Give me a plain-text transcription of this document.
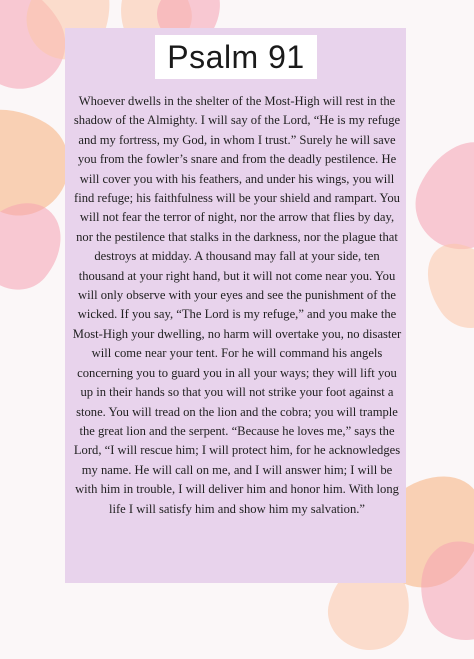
Psalm 91

Whoever dwells in the shelter of the Most-High will rest in the shadow of the Almighty. I will say of the Lord, “He is my refuge and my fortress, my God, in whom I trust.” Surely he will save you from the fowler’s snare and from the deadly pestilence. He will cover you with his feathers, and under his wings, you will find refuge; his faithfulness will be your shield and rampart. You will not fear the terror of night, nor the arrow that flies by day, nor the pestilence that stalks in the darkness, nor the plague that destroys at midday. A thousand may fall at your side, ten thousand at your right hand, but it will not come near you. You will only observe with your eyes and see the punishment of the wicked. If you say, “The Lord is my refuge,” and you make the Most-High your dwelling, no harm will overtake you, no disaster will come near your tent. For he will command his angels concerning you to guard you in all your ways; they will lift you up in their hands so that you will not strike your foot against a stone. You will tread on the lion and the cobra; you will trample the great lion and the serpent. “Because he loves me,” says the Lord, “I will rescue him; I will protect him, for he acknowledges my name. He will call on me, and I will answer him; I will be with him in trouble, I will deliver him and honor him. With long life I will satisfy him and show him my salvation.”
